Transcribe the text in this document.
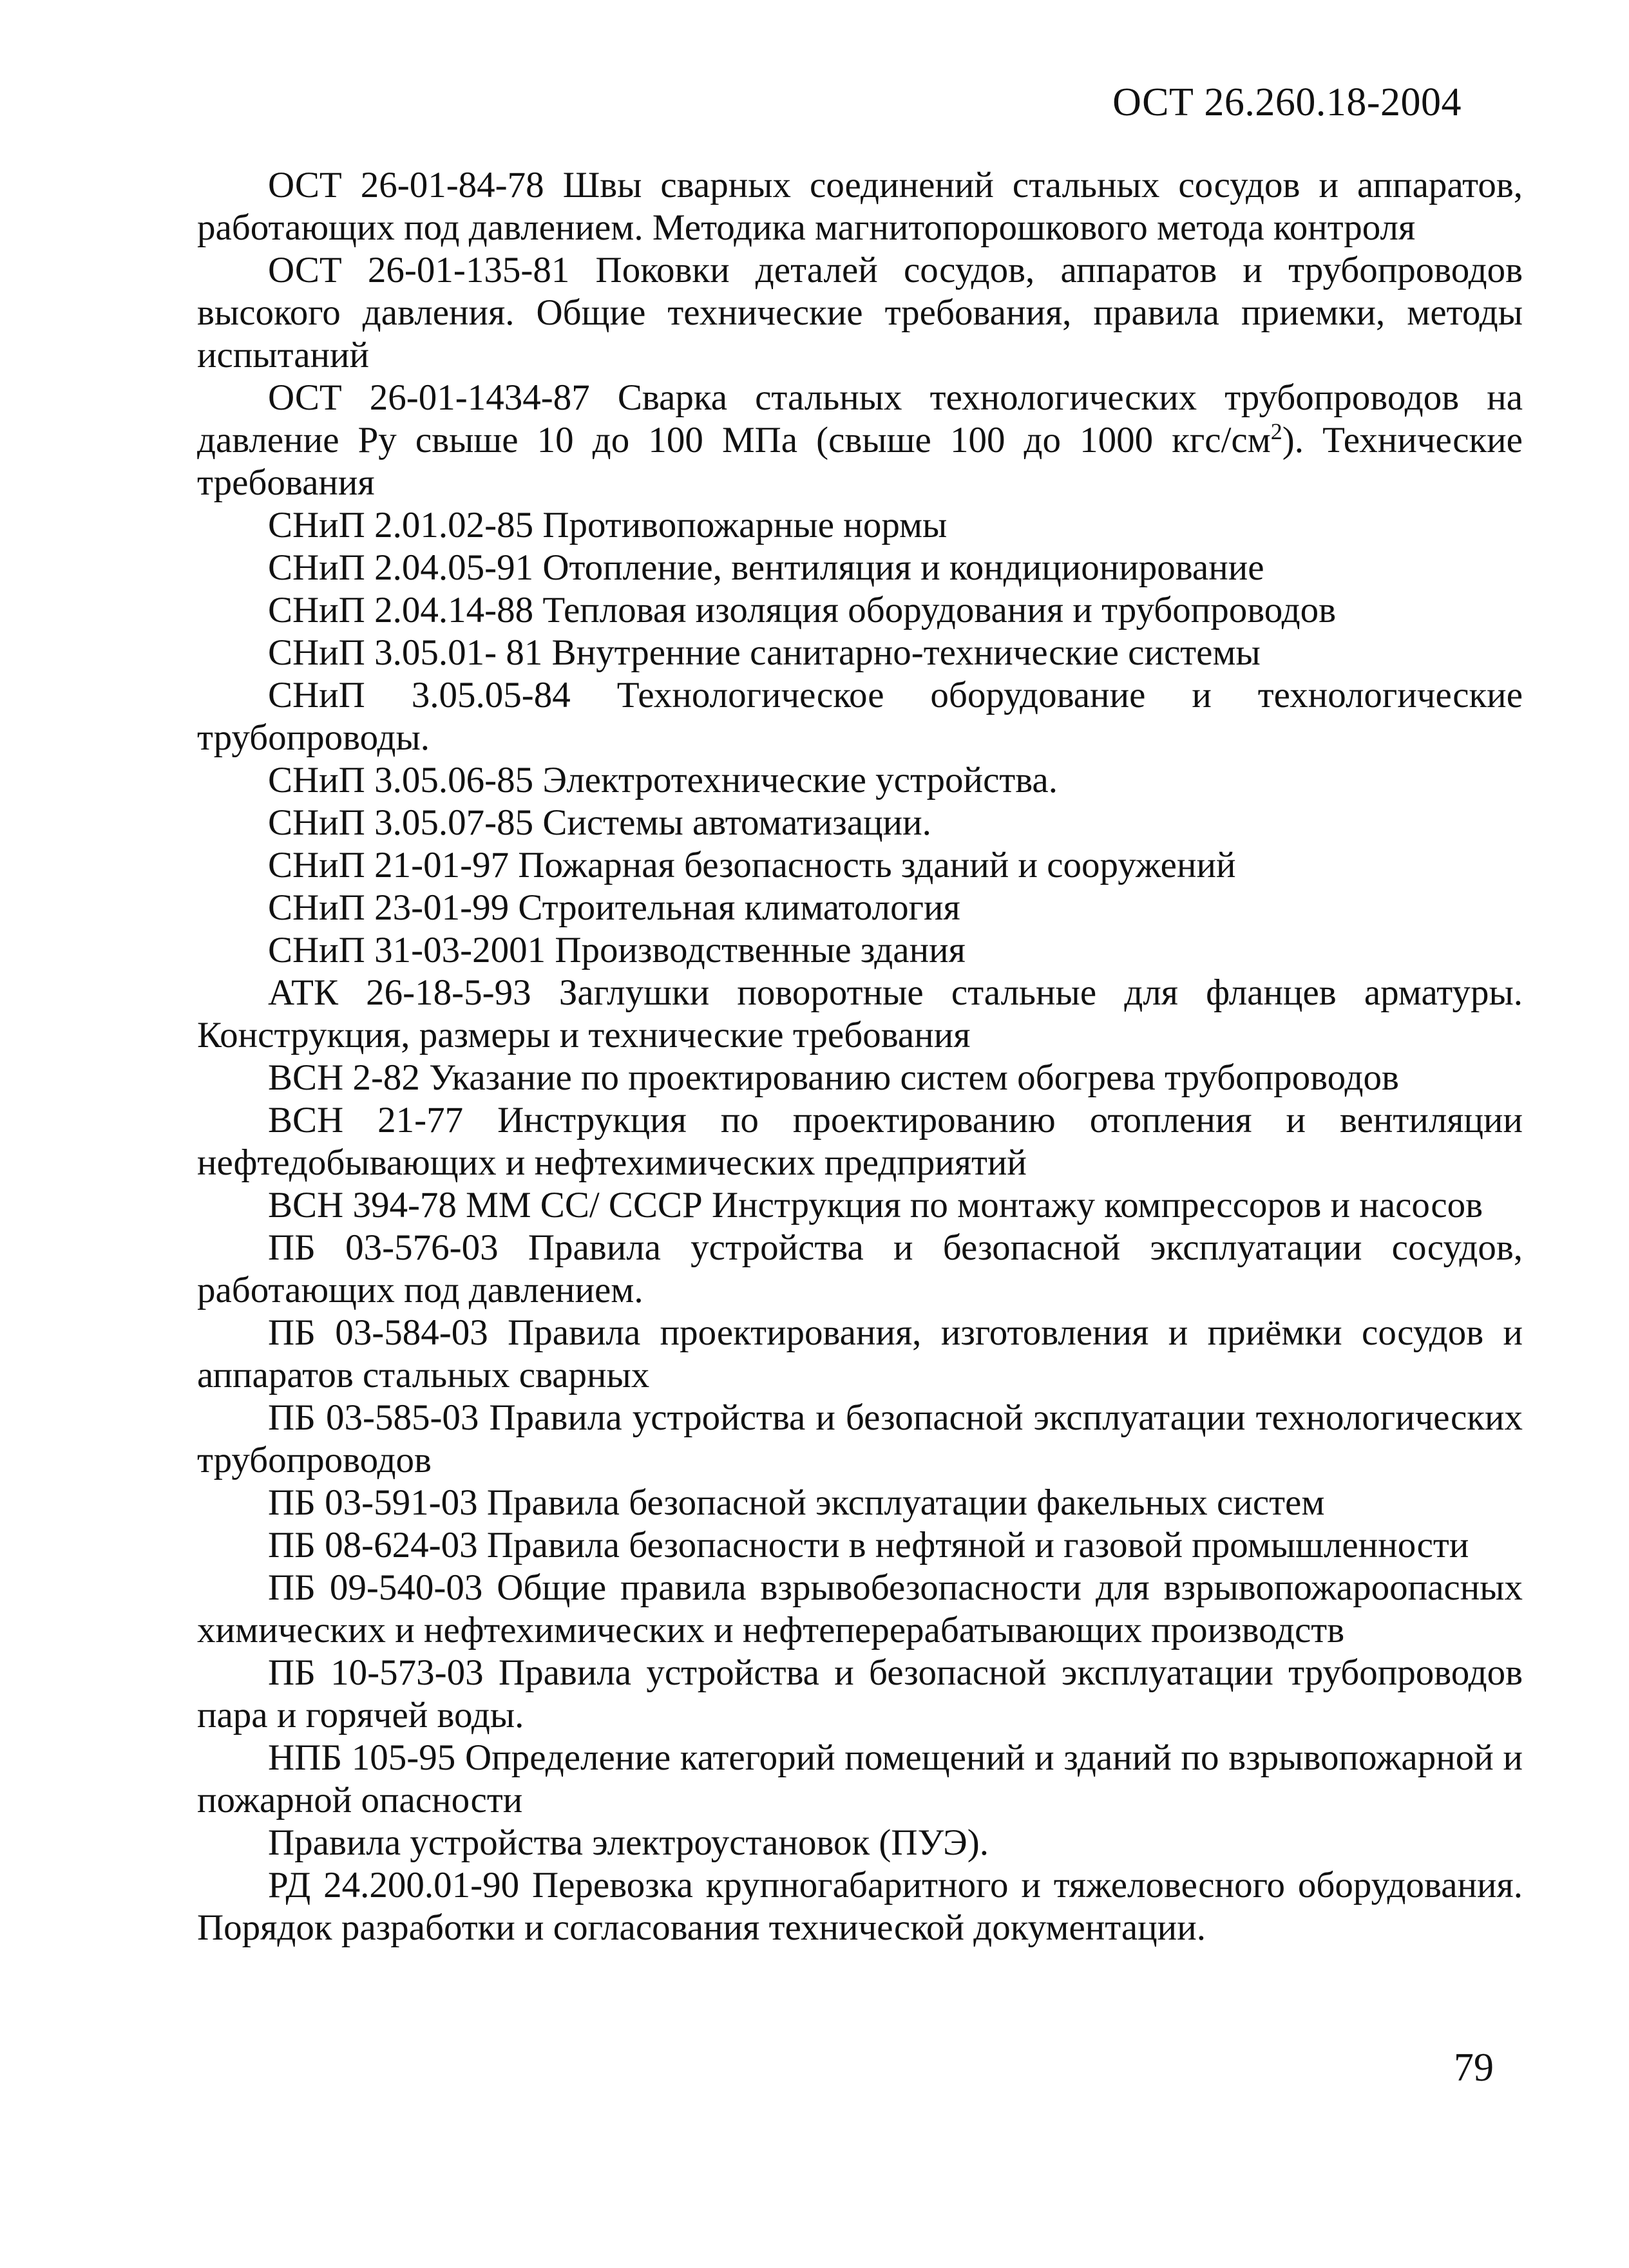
ОСТ 26.260.18-2004

ОСТ 26-01-84-78 Швы сварных соединений стальных сосудов и аппаратов, работающих под давлением. Методика магнитопорошкового метода контроля

ОСТ 26-01-135-81 Поковки деталей сосудов, аппаратов и трубопроводов высокого давления. Общие технические требования, правила приемки, методы испытаний

ОСТ 26-01-1434-87 Сварка стальных технологических трубопроводов на давление Ру свыше 10 до 100 МПа (свыше 100 до 1000 кгс/$см^2$). Технические требования

СНиП 2.01.02-85 Противопожарные нормы

СНиП 2.04.05-91 Отопление, вентиляция и кондиционирование

СНиП 2.04.14-88 Тепловая изоляция оборудования и трубопроводов

СНиП 3.05.01- 81 Внутренние санитарно-технические системы

СНиП 3.05.05-84 Технологическое оборудование и технологические трубопроводы.

СНиП 3.05.06-85 Электротехнические устройства.

СНиП 3.05.07-85 Системы автоматизации.

СНиП 21-01-97 Пожарная безопасность зданий и сооружений

СНиП 23-01-99 Строительная климатология

СНиП 31-03-2001 Производственные здания

АТК 26-18-5-93 Заглушки поворотные стальные для фланцев арматуры. Конструкция, размеры и технические требования

ВСН 2-82 Указание по проектированию систем обогрева трубопроводов

ВСН 21-77 Инструкция по проектированию отопления и вентиляции нефтедобывающих и нефтехимических предприятий

ВСН 394-78 ММ СС/ СССР Инструкция по монтажу компрессоров и насосов

ПБ 03-576-03 Правила устройства и безопасной эксплуатации сосудов, работающих под давлением.

ПБ 03-584-03 Правила проектирования, изготовления и приёмки сосудов и аппаратов стальных сварных

ПБ 03-585-03 Правила устройства и безопасной эксплуатации технологических трубопроводов

ПБ 03-591-03 Правила безопасной эксплуатации факельных систем

ПБ 08-624-03 Правила безопасности в нефтяной и газовой промышленности

ПБ 09-540-03 Общие правила взрывобезопасности для взрывопожароопасных химических и нефтехимических и нефтеперерабатывающих производств

ПБ 10-573-03 Правила устройства и безопасной эксплуатации трубопроводов пара и горячей воды.

НПБ 105-95 Определение категорий помещений и зданий по взрывопожарной и пожарной опасности

Правила устройства электроустановок (ПУЭ).

РД 24.200.01-90 Перевозка крупногабаритного и тяжеловесного оборудования. Порядок разработки и согласования технической документации.

79
